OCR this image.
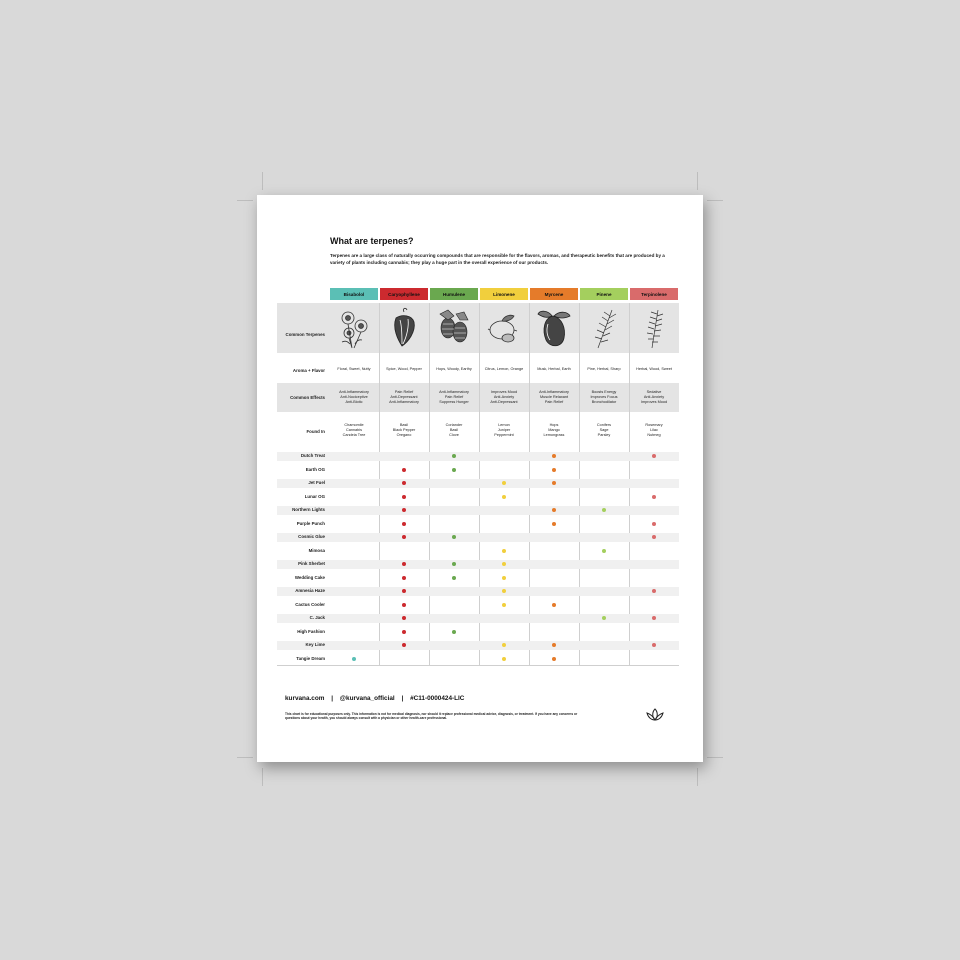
What are terpenes?
Terpenes are a large class of naturally occurring compounds that are responsible for the flavors, aromas, and therapeutic benefits that are produced by a variety of plants including cannabis; they play a huge part in the overall experience of our products.
Common Terpenes
Aroma + Flavor
Common Effects
Found In
Bisabolol
Floral, Sweet, Nutty
Anti-Inflammatory
Anti-Nociceptive
Anti-Biotic
Chamomile
Cannabis
Candeia Tree
Caryophyllene
Spice, Wood, Pepper
Pain Relief
Anti-Depressant
Anti-Inflammatory
Basil
Black Pepper
Oregano
Humulene
Hops, Woody, Earthy
Anti-Inflammatory
Pain Relief
Suppress Hunger
Coriander
Basil
Clove
Limonene
Citrus, Lemon, Orange
Improves Mood
Anti-Anxiety
Anti-Depressant
Lemon
Juniper
Peppermint
Myrcene
Musk, Herbal, Earth
Anti-Inflammatory
Muscle Relaxant
Pain Relief
Hops
Mango
Lemongrass
Pinene
Pine, Herbal, Sharp
Boosts Energy
Improves Focus
Bronchodilator
Conifers
Sage
Parsley
Terpinolene
Herbal, Wood, Sweet
Sedative
Anti-Anxiety
Improves Mood
Rosemary
Lilac
Nutmeg
Dutch Treat
Earth OG
Jet Fuel
Lunar OG
Northern Lights
Purple Punch
Cosmic Glue
Mimosa
Pink Sherbet
Wedding Cake
Amnesia Haze
Cactus Cooler
C. Jack
High Fashion
Key Lime
Tangie Dream
kurvana.com | @kurvana_official | #C11-0000424-LIC
This chart is for educational purposes only. This information is not for medical diagnosis, nor should it replace professional medical advice, diagnosis, or treatment. If you have any concerns or questions about your health, you should always consult with a physician or other health-care professional.
